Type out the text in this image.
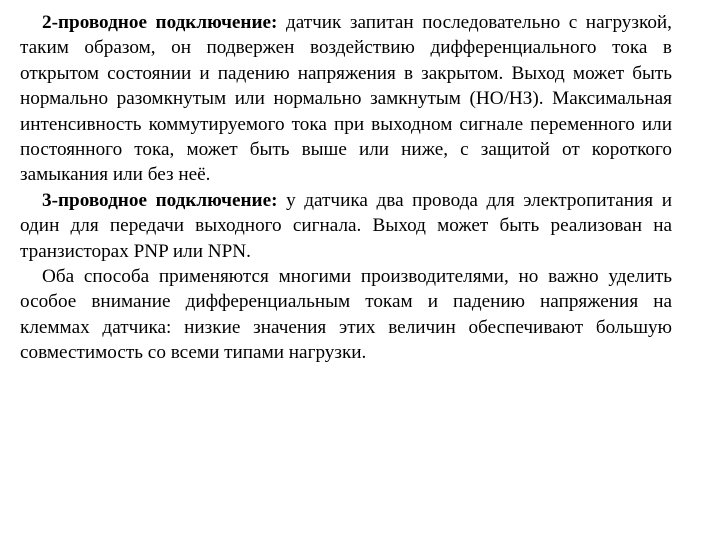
2-проводное подключение: датчик запитан последовательно с нагрузкой, таким образом, он подвержен воздействию дифференциального тока в открытом состоянии и падению напряжения в закрытом. Выход может быть нормально разомкнутым или нормально замкнутым (НО/НЗ). Максимальная интенсивность коммутируемого тока при выходном сигнале переменного или постоянного тока, может быть выше или ниже, с защитой от короткого замыкания или без неё.

3-проводное подключение: у датчика два провода для электропитания и один для передачи выходного сигнала. Выход может быть реализован на транзисторах PNP или NPN.

Оба способа применяются многими производителями, но важно уделить особое внимание дифференциальным токам и падению напряжения на клеммах датчика: низкие значения этих величин обеспечивают большую совместимость со всеми типами нагрузки.
